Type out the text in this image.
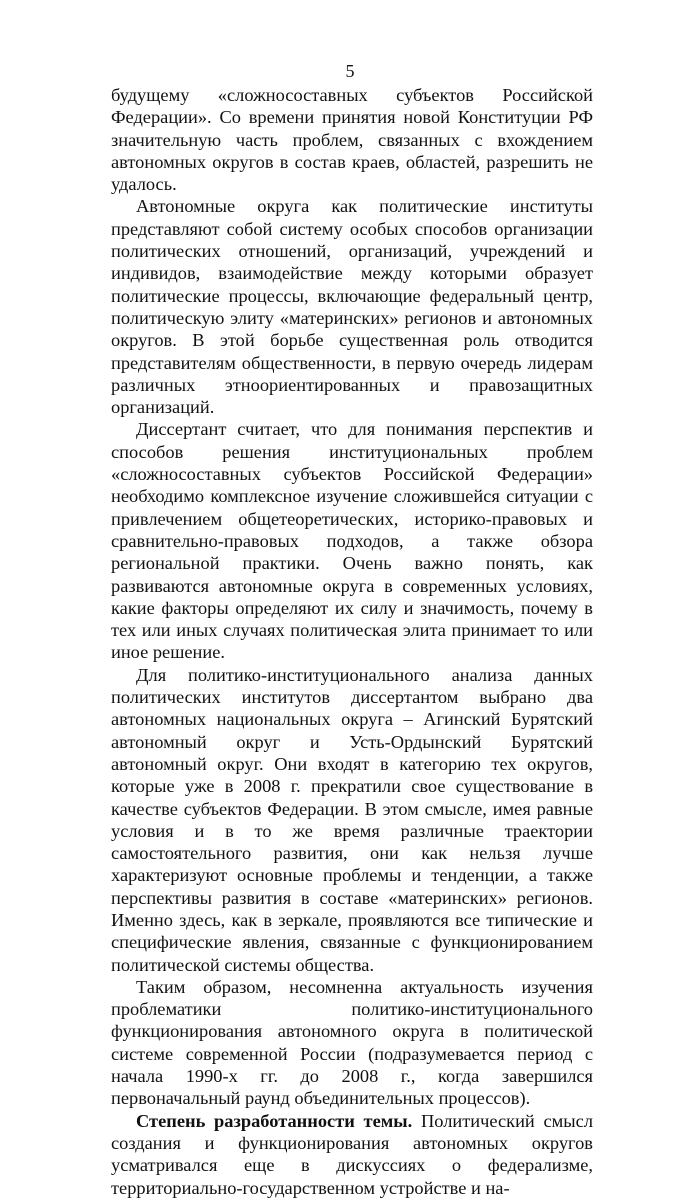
5

будущему «сложносоставных субъектов Российской Федерации». Со времени принятия новой Конституции РФ значительную часть проблем, связанных с вхождением автономных округов в состав краев, областей, разрешить не удалось.

Автономные округа как политические институты представляют собой систему особых способов организации политических отношений, организаций, учреждений и индивидов, взаимодействие между которыми образует политические процессы, включающие федеральный центр, политическую элиту «материнских» регионов и автономных округов. В этой борьбе существенная роль отводится представителям общественности, в первую очередь лидерам различных этноориентированных и правозащитных организаций.

Диссертант считает, что для понимания перспектив и способов решения институциональных проблем «сложносоставных субъектов Российской Федерации» необходимо комплексное изучение сложившейся ситуации с привлечением общетеоретических, историко-правовых и сравнительно-правовых подходов, а также обзора региональной практики. Очень важно понять, как развиваются автономные округа в современных условиях, какие факторы определяют их силу и значимость, почему в тех или иных случаях политическая элита принимает то или иное решение.

Для политико-институционального анализа данных политических институтов диссертантом выбрано два автономных национальных округа – Агинский Бурятский автономный округ и Усть-Ордынский Бурятский автономный округ. Они входят в категорию тех округов, которые уже в 2008 г. прекратили свое существование в качестве субъектов Федерации. В этом смысле, имея равные условия и в то же время различные траектории самостоятельного развития, они как нельзя лучше характеризуют основные проблемы и тенденции, а также перспективы развития в составе «материнских» регионов. Именно здесь, как в зеркале, проявляются все типические и специфические явления, связанные с функционированием политической системы общества.

Таким образом, несомненна актуальность изучения проблематики политико-институционального функционирования автономного округа в политической системе современной России (подразумевается период с начала 1990-х гг. до 2008 г., когда завершился первоначальный раунд объединительных процессов).

Степень разработанности темы. Политический смысл создания и функционирования автономных округов усматривался еще в дискуссиях о федерализме, территориально-государственном устройстве и на-
